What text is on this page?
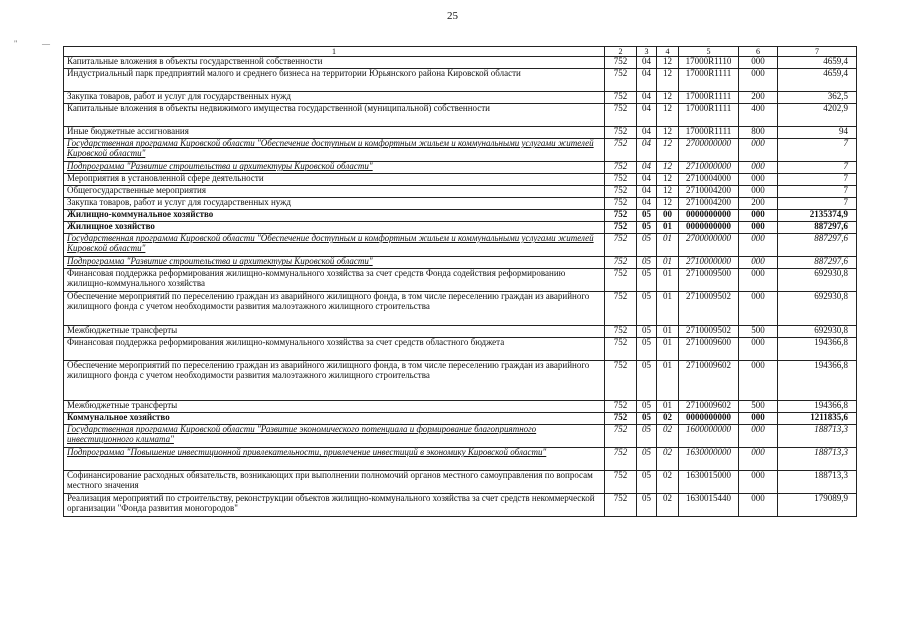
25
"	—
1	2	3	4	5	6	7
Капитальные вложения в объекты государственной собственности	752	04	12	17000R1110	000	4659,4
Индустриальный парк предприятий малого и среднего бизнеса на территории Юрьянского района Кировской области	752	04	12	17000R1111	000	4659,4
Закупка товаров, работ и услуг для государственных нужд	752	04	12	17000R1111	200	362,5
Капитальные вложения в объекты недвижимого имущества государственной (муниципальной) собственности	752	04	12	17000R1111	400	4202,9
Иные бюджетные ассигнования	752	04	12	17000R1111	800	94
Государственная программа Кировской области "Обеспечение доступным и комфортным жильем и коммунальными услугами жителей Кировской области"	752	04	12	2700000000	000	7
Подпрограмма "Развитие строительства и архитектуры Кировской области"	752	04	12	2710000000	000	7
Мероприятия в установленной сфере деятельности	752	04	12	2710004000	000	7
Общегосударственные мероприятия	752	04	12	2710004200	000	7
Закупка товаров, работ и услуг для государственных нужд	752	04	12	2710004200	200	7
Жилищно-коммунальное хозяйство	752	05	00	0000000000	000	2135374,9
Жилищное хозяйство	752	05	01	0000000000	000	887297,6
Государственная программа Кировской области "Обеспечение доступным и комфортным жильем и коммунальными услугами жителей Кировской области"	752	05	01	2700000000	000	887297,6
Подпрограмма "Развитие строительства и архитектуры Кировской области"	752	05	01	2710000000	000	887297,6
Финансовая поддержка реформирования жилищно-коммунального хозяйства за счет средств Фонда содействия реформированию жилищно-коммунального хозяйства	752	05	01	2710009500	000	692930,8
Обеспечение мероприятий по переселению граждан из аварийного жилищного фонда, в том числе переселению граждан из аварийного жилищного фонда с учетом необходимости развития малоэтажного жилищного строительства	752	05	01	2710009502	000	692930,8
Межбюджетные трансферты	752	05	01	2710009502	500	692930,8
Финансовая поддержка реформирования жилищно-коммунального хозяйства за счет средств областного бюджета	752	05	01	2710009600	000	194366,8
Обеспечение мероприятий по переселению граждан из аварийного жилищного фонда, в том числе переселению граждан из аварийного жилищного фонда с учетом необходимости развития малоэтажного жилищного строительства	752	05	01	2710009602	000	194366,8
Межбюджетные трансферты	752	05	01	2710009602	500	194366,8
Коммунальное хозяйство	752	05	02	0000000000	000	1211835,6
Государственная программа Кировской области "Развитие экономического потенциала и формирование благоприятного инвестиционного климата"	752	05	02	1600000000	000	188713,3
Подпрограмма "Повышение инвестиционной привлекательности, привлечение инвестиций в экономику Кировской области"	752	05	02	1630000000	000	188713,3
Софинансирование расходных обязательств, возникающих при выполнении полномочий органов местного самоуправления по вопросам местного значения	752	05	02	1630015000	000	188713,3
Реализация мероприятий по строительству, реконструкции объектов жилищно-коммунального хозяйства за счет средств некоммерческой организации "Фонда развития моногородов"	752	05	02	1630015440	000	179089,9
